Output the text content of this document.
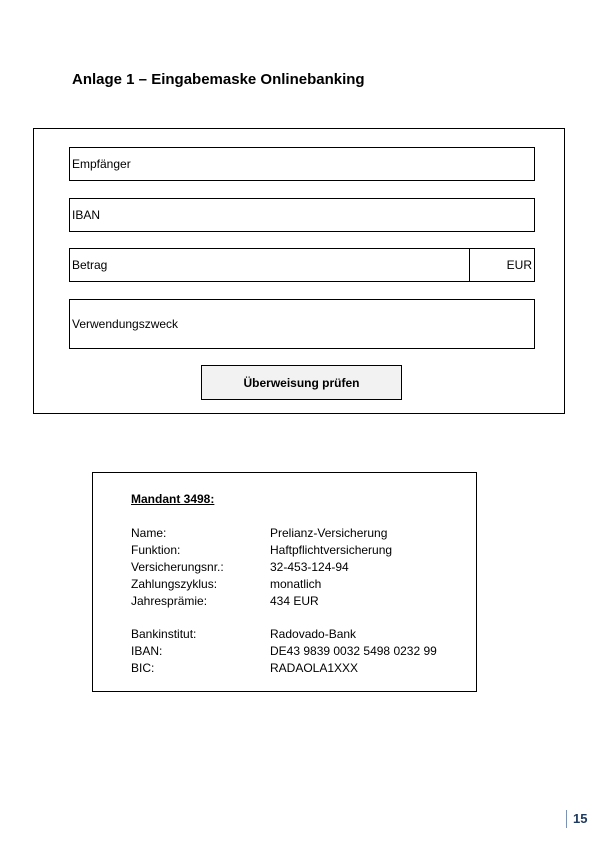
Anlage 1 – Eingabemaske Onlinebanking
Empfänger
IBAN
Betrag	EUR
Verwendungszweck
Überweisung prüfen
Mandant 3498:
Name:	Prelianz-Versicherung
Funktion:	Haftpflichtversicherung
Versicherungsnr.:	32-453-124-94
Zahlungszyklus:	monatlich
Jahresprämie:	434 EUR
Bankinstitut:	Radovado-Bank
IBAN:	DE43 9839 0032 5498 0232 99
BIC:	RADAOLA1XXX
15
